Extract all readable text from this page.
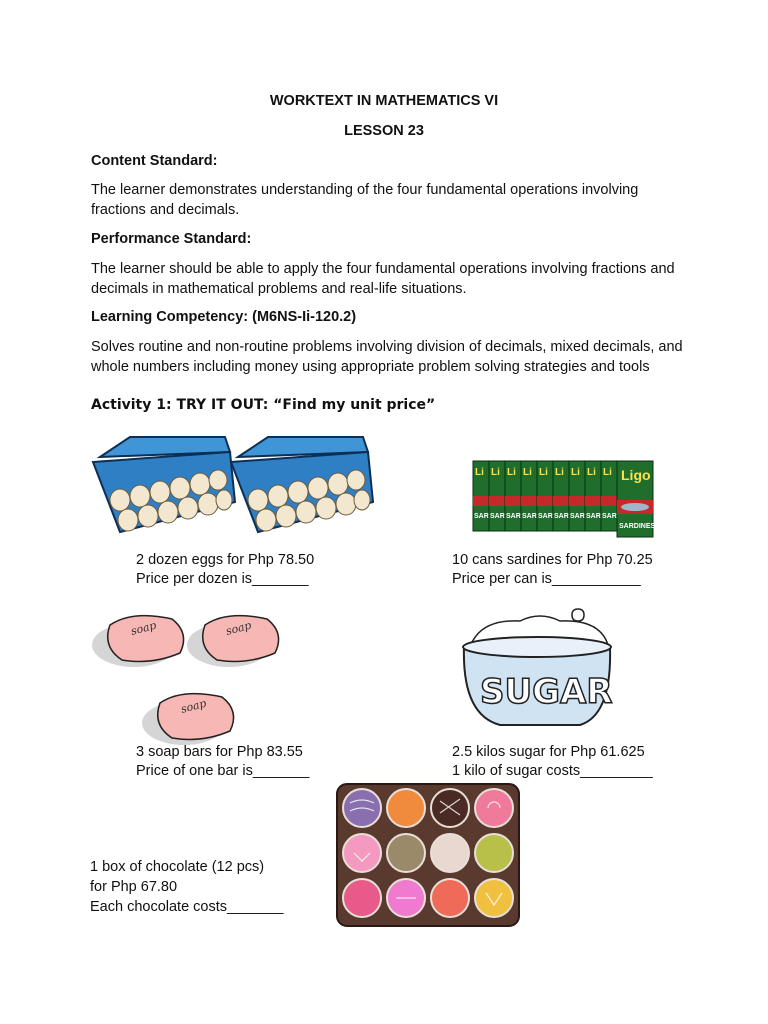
WORKTEXT IN MATHEMATICS VI
LESSON 23
Content Standard:
The learner demonstrates understanding of the four fundamental operations involving fractions and decimals.
Performance Standard:
The learner should be able to apply the four fundamental operations involving fractions and decimals in mathematical problems and real-life situations.
Learning Competency: (M6NS-Ii-120.2)
Solves routine and non-routine problems involving division of decimals, mixed decimals, and whole numbers including money using appropriate problem solving strategies and tools
Activity 1: TRY IT OUT: “Find my unit price”
2 dozen eggs for Php 78.50
Price per dozen is_______
Li
SAR
Li
SAR
Li
SAR
Li
SAR
Li
SAR
Li
SAR
Li
SAR
Li
SAR
Li
SAR
Ligo
SARDINES
10 cans sardines for Php 70.25
Price per can is___________
soap	soap
soap
3 soap bars for Php 83.55
Price of one bar is_______
SUGAR
2.5 kilos sugar for Php 61.625
1 kilo of sugar costs_________
1 box of chocolate (12 pcs)
for Php 67.80
Each chocolate costs_______
